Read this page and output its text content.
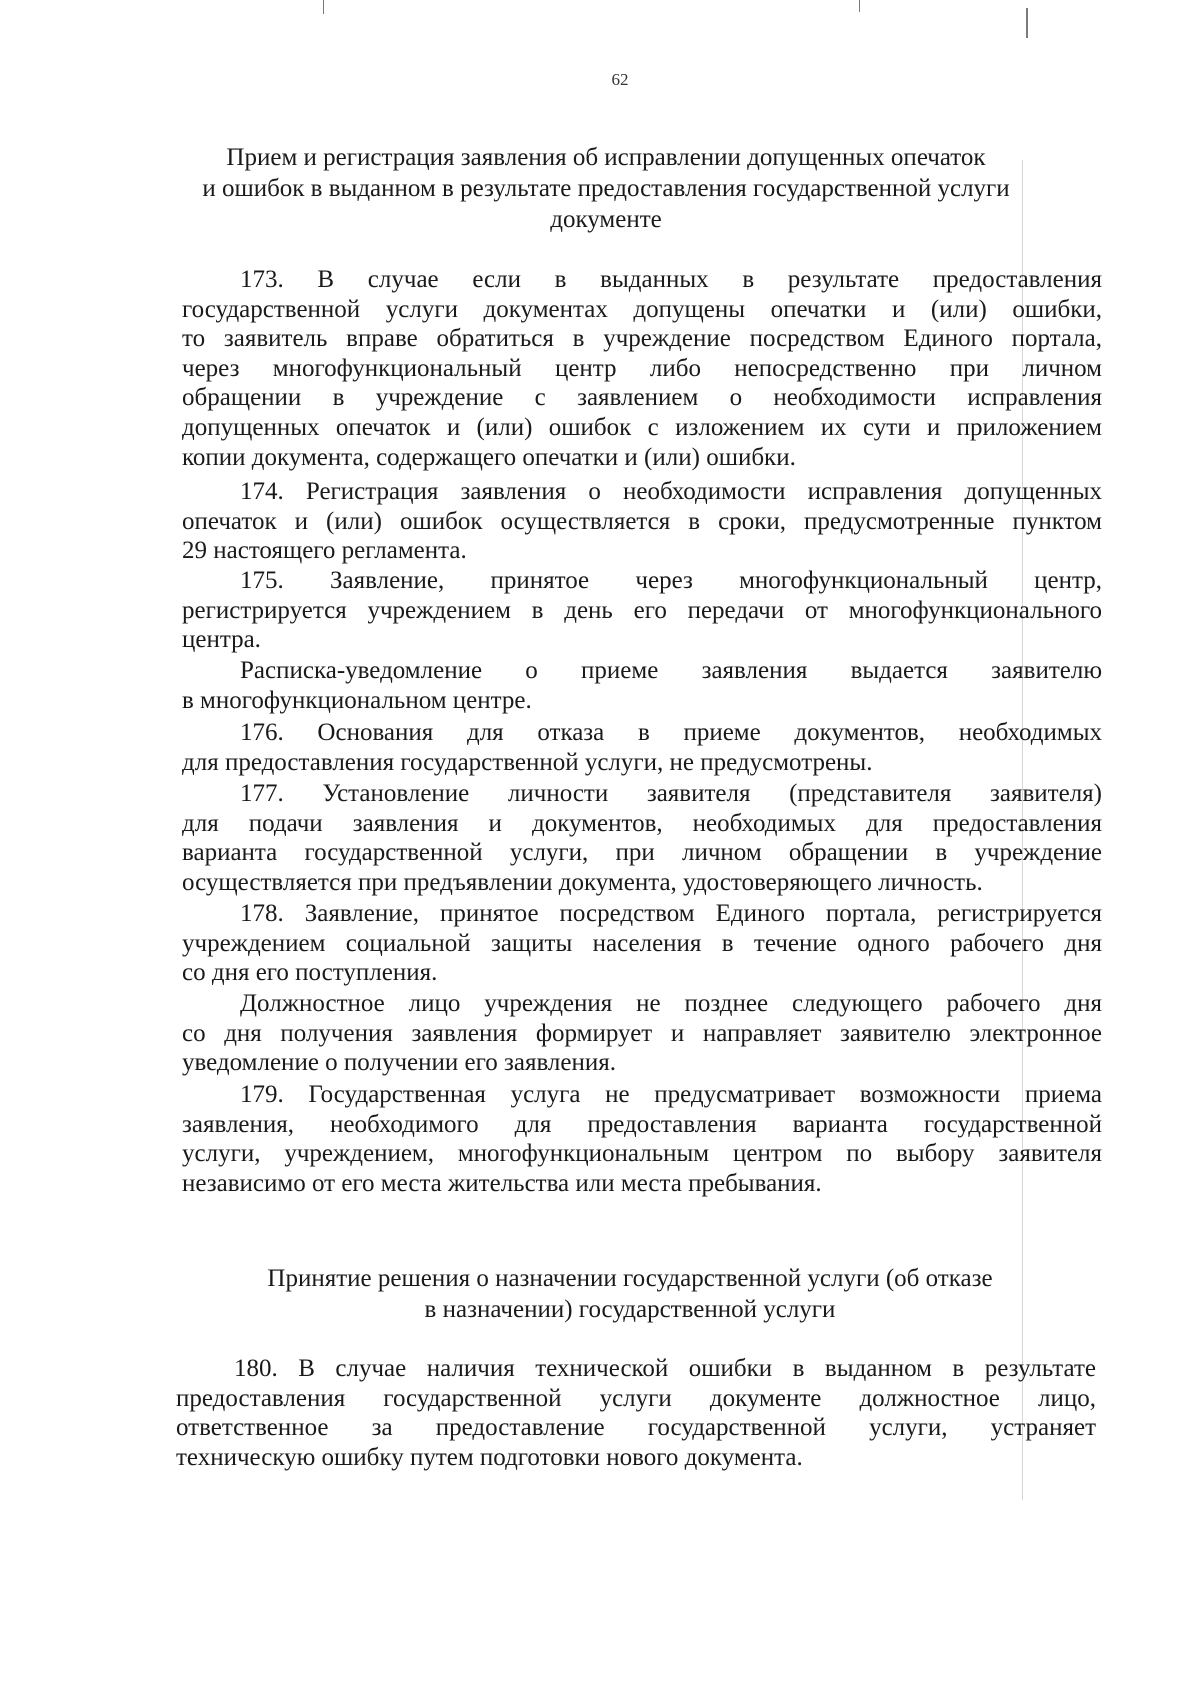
62
Прием и регистрация заявления об исправлении допущенных опечаток
и ошибок в выданном в результате предоставления государственной услуги
документе

173. В случае если в выданных в результате предоставления
государственной услуги документах допущены опечатки и (или) ошибки,
то заявитель вправе обратиться в учреждение посредством Единого портала,
через многофункциональный центр либо непосредственно при личном
обращении в учреждение с заявлением о необходимости исправления
допущенных опечаток и (или) ошибок с изложением их сути и приложением
копии документа, содержащего опечатки и (или) ошибки.

174. Регистрация заявления о необходимости исправления допущенных
опечаток и (или) ошибок осуществляется в сроки, предусмотренные пунктом
29 настоящего регламента.

175. Заявление, принятое через многофункциональный центр,
регистрируется учреждением в день его передачи от многофункционального
центра.

Расписка-уведомление о приеме заявления выдается заявителю
в многофункциональном центре.

176. Основания для отказа в приеме документов, необходимых
для предоставления государственной услуги, не предусмотрены.

177. Установление личности заявителя (представителя заявителя)
для подачи заявления и документов, необходимых для предоставления
варианта государственной услуги, при личном обращении в учреждение
осуществляется при предъявлении документа, удостоверяющего личность.

178. Заявление, принятое посредством Единого портала, регистрируется
учреждением социальной защиты населения в течение одного рабочего дня
со дня его поступления.

Должностное лицо учреждения не позднее следующего рабочего дня
со дня получения заявления формирует и направляет заявителю электронное
уведомление о получении его заявления.

179. Государственная услуга не предусматривает возможности приема
заявления, необходимого для предоставления варианта государственной
услуги, учреждением, многофункциональным центром по выбору заявителя
независимо от его места жительства или места пребывания.

Принятие решения о назначении государственной услуги (об отказе
в назначении) государственной услуги

180. В случае наличия технической ошибки в выданном в результате
предоставления государственной услуги документе должностное лицо,
ответственное за предоставление государственной услуги, устраняет
техническую ошибку путем подготовки нового документа.
